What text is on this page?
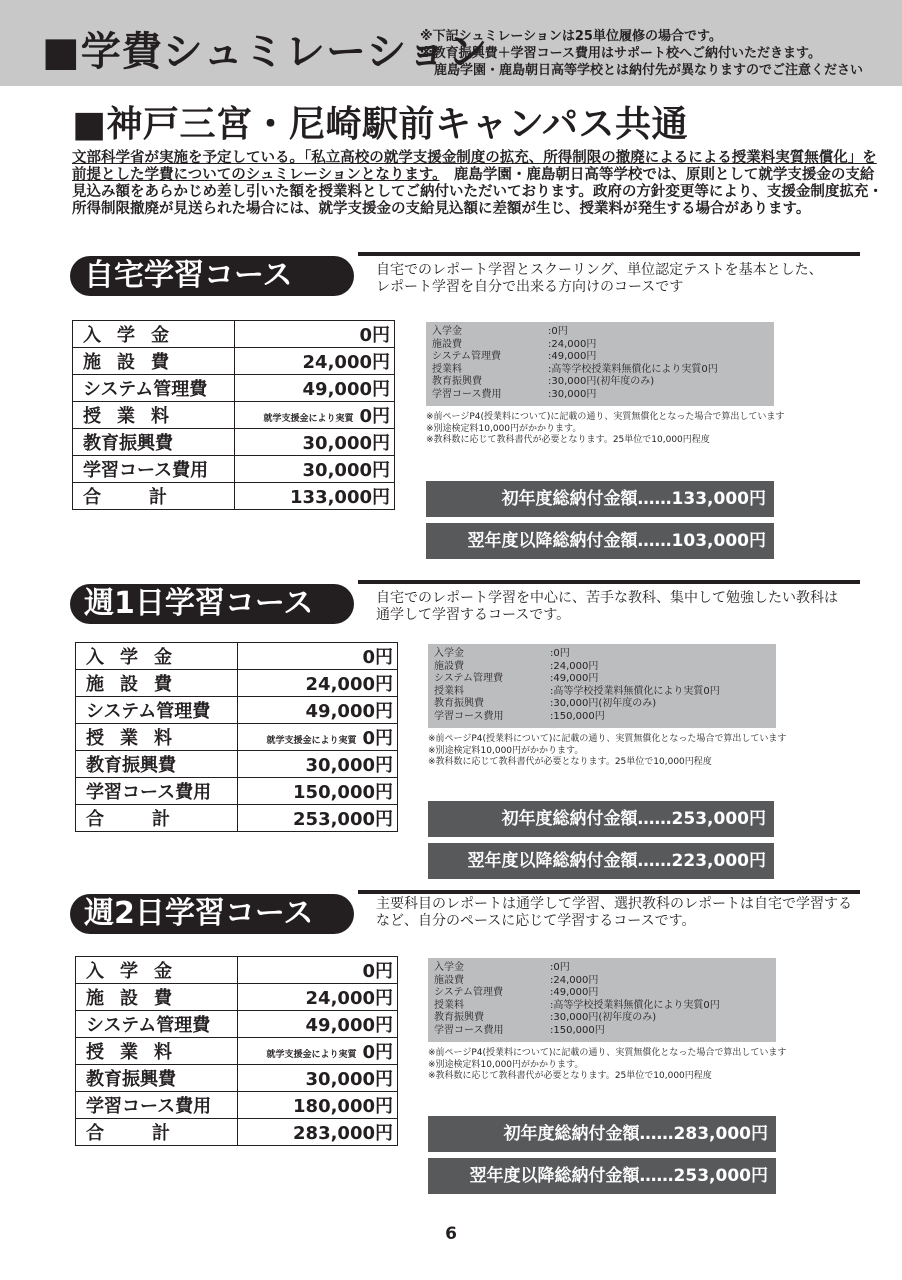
■学費シュミレーション
※下記シュミレーションは25単位履修の場合です。
※教育振興費＋学習コース費用はサポート校へご納付いただきます。
鹿島学園・鹿島朝日高等学校とは納付先が異なりますのでご注意ください
■神戸三宮・尼崎駅前キャンパス共通
文部科学省が実施を予定している。「私立高校の就学支援金制度の拡充、所得制限の撤廃によるによる授業料実質無償化」を前提とした学費についてのシュミレーションとなります。　鹿島学園・鹿島朝日高等学校では、原則として就学支援金の支給見込み額をあらかじめ差し引いた額を授業料としてご納付いただいております。政府の方針変更等により、支援金制度拡充・所得制限撤廃が見送られた場合には、就学支援金の支給見込額に差額が生じ、授業料が発生する場合があります。
自宅学習コース	自宅でのレポート学習とスクーリング、単位認定テストを基本とした、
レポート学習を自分で出来る方向けのコースです
入学金	0円
施設費	24,000円
システム管理費	49,000円
授業料	就学支援金により実質 0円
教育振興費	30,000円
学習コース費用	30,000円
合計	133,000円
入学金	:0円
施設費	:24,000円
システム管理費	:49,000円
授業料	:高等学校授業料無償化により実質0円
教育振興費	:30,000円(初年度のみ)
学習コース費用	:30,000円
※前ページP4(授業料について)に記載の通り、実質無償化となった場合で算出しています
※別途検定料10,000円がかかります。
※教科数に応じて教科書代が必要となります。25単位で10,000円程度
初年度総納付金額……133,000円
翌年度以降総納付金額……103,000円
週1日学習コース	自宅でのレポート学習を中心に、苦手な教科、集中して勉強したい教科は
通学して学習するコースです。
入学金	0円
施設費	24,000円
システム管理費	49,000円
授業料	就学支援金により実質 0円
教育振興費	30,000円
学習コース費用	150,000円
合計	253,000円
入学金	:0円
施設費	:24,000円
システム管理費	:49,000円
授業料	:高等学校授業料無償化により実質0円
教育振興費	:30,000円(初年度のみ)
学習コース費用	:150,000円
※前ページP4(授業料について)に記載の通り、実質無償化となった場合で算出しています
※別途検定料10,000円がかかります。
※教科数に応じて教科書代が必要となります。25単位で10,000円程度
初年度総納付金額……253,000円
翌年度以降総納付金額……223,000円
週2日学習コース	主要科目のレポートは通学して学習、選択教科のレポートは自宅で学習する
など、自分のペースに応じて学習するコースです。
入学金	0円
施設費	24,000円
システム管理費	49,000円
授業料	就学支援金により実質 0円
教育振興費	30,000円
学習コース費用	180,000円
合計	283,000円
入学金	:0円
施設費	:24,000円
システム管理費	:49,000円
授業料	:高等学校授業料無償化により実質0円
教育振興費	:30,000円(初年度のみ)
学習コース費用	:150,000円
※前ページP4(授業料について)に記載の通り、実質無償化となった場合で算出しています
※別途検定料10,000円がかかります。
※教科数に応じて教科書代が必要となります。25単位で10,000円程度
初年度総納付金額……283,000円
翌年度以降総納付金額……253,000円
6
